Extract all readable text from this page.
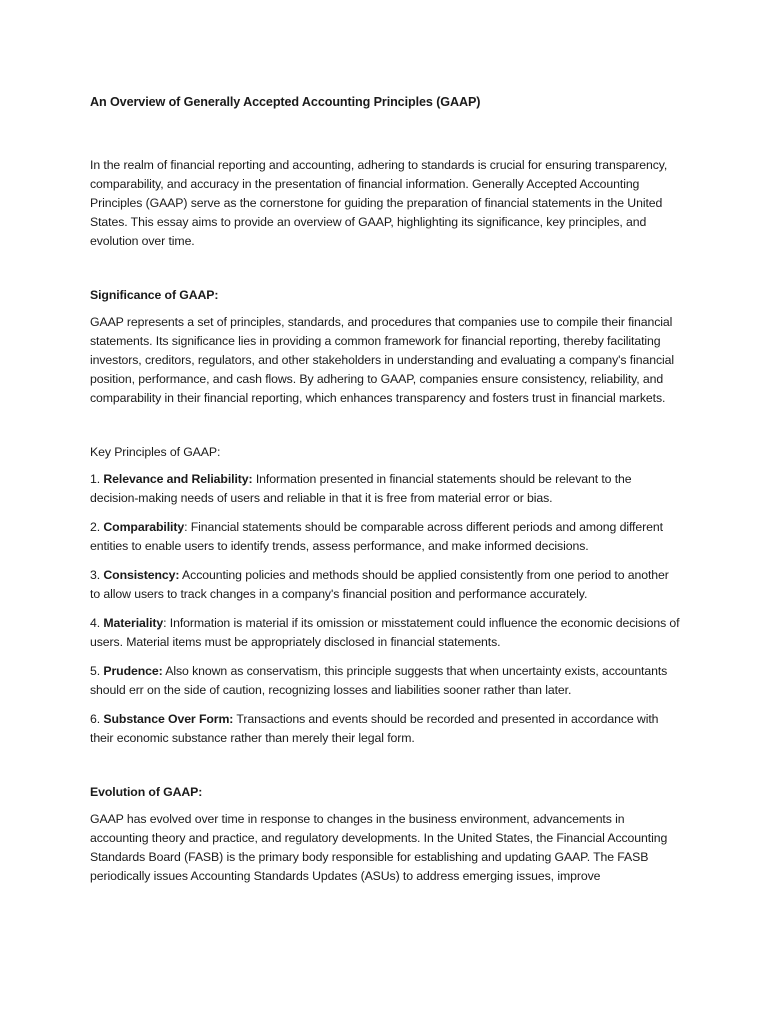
An Overview of Generally Accepted Accounting Principles (GAAP)

In the realm of financial reporting and accounting, adhering to standards is crucial for ensuring transparency, comparability, and accuracy in the presentation of financial information. Generally Accepted Accounting Principles (GAAP) serve as the cornerstone for guiding the preparation of financial statements in the United States. This essay aims to provide an overview of GAAP, highlighting its significance, key principles, and evolution over time.

Significance of GAAP:

GAAP represents a set of principles, standards, and procedures that companies use to compile their financial statements. Its significance lies in providing a common framework for financial reporting, thereby facilitating investors, creditors, regulators, and other stakeholders in understanding and evaluating a company's financial position, performance, and cash flows. By adhering to GAAP, companies ensure consistency, reliability, and comparability in their financial reporting, which enhances transparency and fosters trust in financial markets.

Key Principles of GAAP:

1. Relevance and Reliability: Information presented in financial statements should be relevant to the decision-making needs of users and reliable in that it is free from material error or bias.

2. Comparability: Financial statements should be comparable across different periods and among different entities to enable users to identify trends, assess performance, and make informed decisions.

3. Consistency: Accounting policies and methods should be applied consistently from one period to another to allow users to track changes in a company's financial position and performance accurately.

4. Materiality: Information is material if its omission or misstatement could influence the economic decisions of users. Material items must be appropriately disclosed in financial statements.

5. Prudence: Also known as conservatism, this principle suggests that when uncertainty exists, accountants should err on the side of caution, recognizing losses and liabilities sooner rather than later.

6. Substance Over Form: Transactions and events should be recorded and presented in accordance with their economic substance rather than merely their legal form.

Evolution of GAAP:

GAAP has evolved over time in response to changes in the business environment, advancements in accounting theory and practice, and regulatory developments. In the United States, the Financial Accounting Standards Board (FASB) is the primary body responsible for establishing and updating GAAP. The FASB periodically issues Accounting Standards Updates (ASUs) to address emerging issues, improve
